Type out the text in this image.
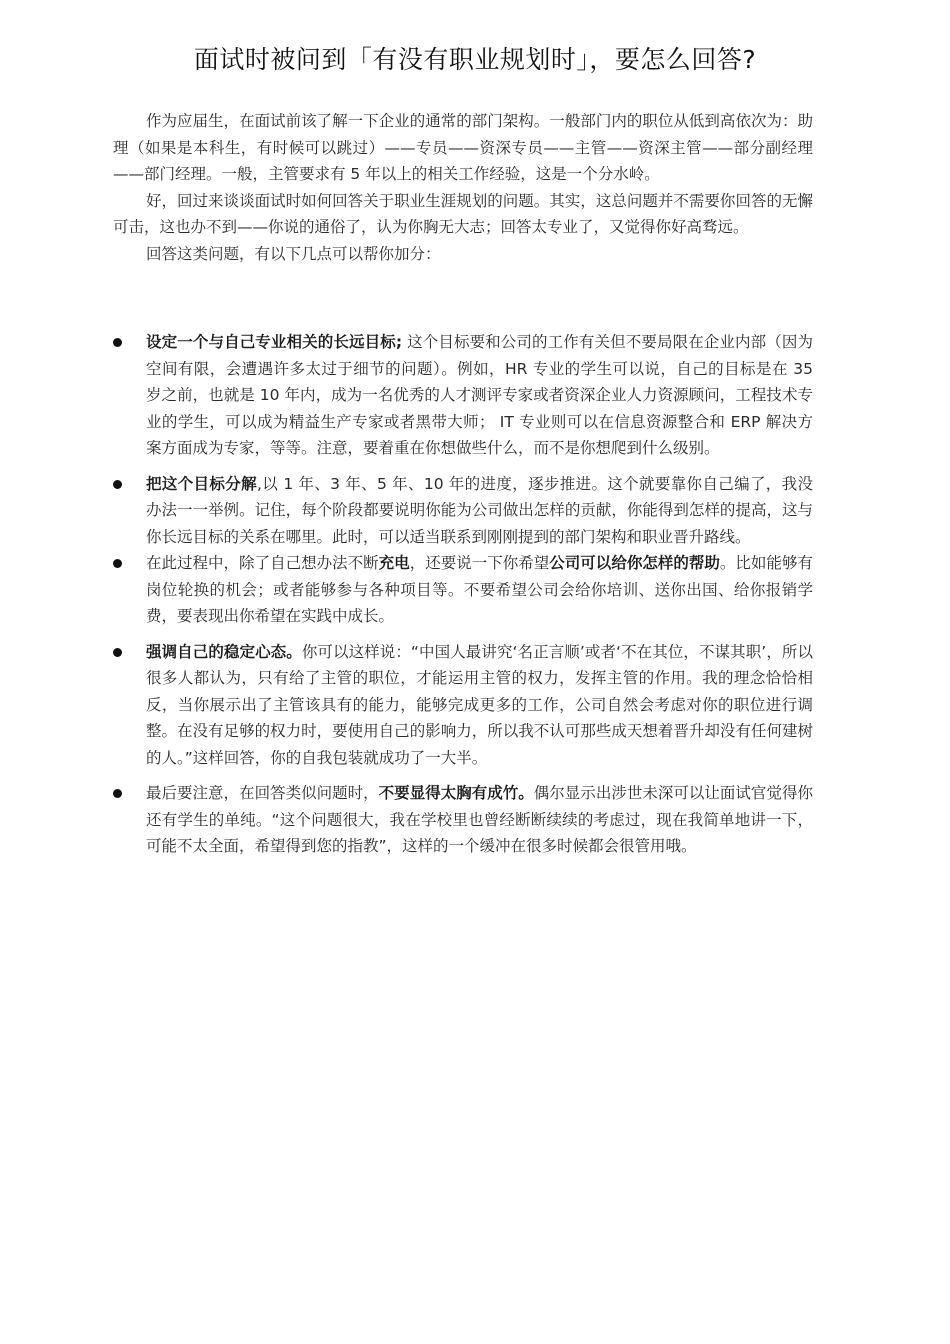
面试时被问到「有没有职业规划时」，要怎么回答?

作为应届生，在面试前该了解一下企业的通常的部门架构。一般部门内的职位从低到高依次为：助理（如果是本科生，有时候可以跳过）——专员——资深专员——主管——资深主管——部分副经理——部门经理。一般，主管要求有 5 年以上的相关工作经验，这是一个分水岭。

好，回过来谈谈面试时如何回答关于职业生涯规划的问题。其实，这总问题并不需要你回答的无懈可击，这也办不到——你说的通俗了，认为你胸无大志；回答太专业了，又觉得你好高骛远。

回答这类问题，有以下几点可以帮你加分：

设定一个与自己专业相关的长远目标; 这个目标要和公司的工作有关但不要局限在企业内部（因为空间有限，会遭遇许多太过于细节的问题）。例如，HR 专业的学生可以说，自己的目标是在 35 岁之前，也就是 10 年内，成为一名优秀的人才测评专家或者资深企业人力资源顾问，工程技术专业的学生，可以成为精益生产专家或者黑带大师； IT 专业则可以在信息资源整合和 ERP 解决方案方面成为专家，等等。注意，要着重在你想做些什么，而不是你想爬到什么级别。
把这个目标分解,以 1 年、3 年、5 年、10 年的进度，逐步推进。这个就要靠你自己编了，我没办法一一举例。记住，每个阶段都要说明你能为公司做出怎样的贡献，你能得到怎样的提高，这与你长远目标的关系在哪里。此时，可以适当联系到刚刚提到的部门架构和职业晋升路线。
在此过程中，除了自己想办法不断充电，还要说一下你希望公司可以给你怎样的帮助。比如能够有岗位轮换的机会；或者能够参与各种项目等。不要希望公司会给你培训、送你出国、给你报销学费，要表现出你希望在实践中成长。
强调自己的稳定心态。你可以这样说：“中国人最讲究‘名正言顺’或者‘不在其位，不谋其职’，所以很多人都认为，只有给了主管的职位，才能运用主管的权力，发挥主管的作用。我的理念恰恰相反，当你展示出了主管该具有的能力，能够完成更多的工作，公司自然会考虑对你的职位进行调整。在没有足够的权力时，要使用自己的影响力，所以我不认可那些成天想着晋升却没有任何建树的人。”这样回答，你的自我包装就成功了一大半。
最后要注意，在回答类似问题时，不要显得太胸有成竹。偶尔显示出涉世未深可以让面试官觉得你还有学生的单纯。“这个问题很大，我在学校里也曾经断断续续的考虑过，现在我简单地讲一下，可能不太全面，希望得到您的指教”，这样的一个缓冲在很多时候都会很管用哦。
